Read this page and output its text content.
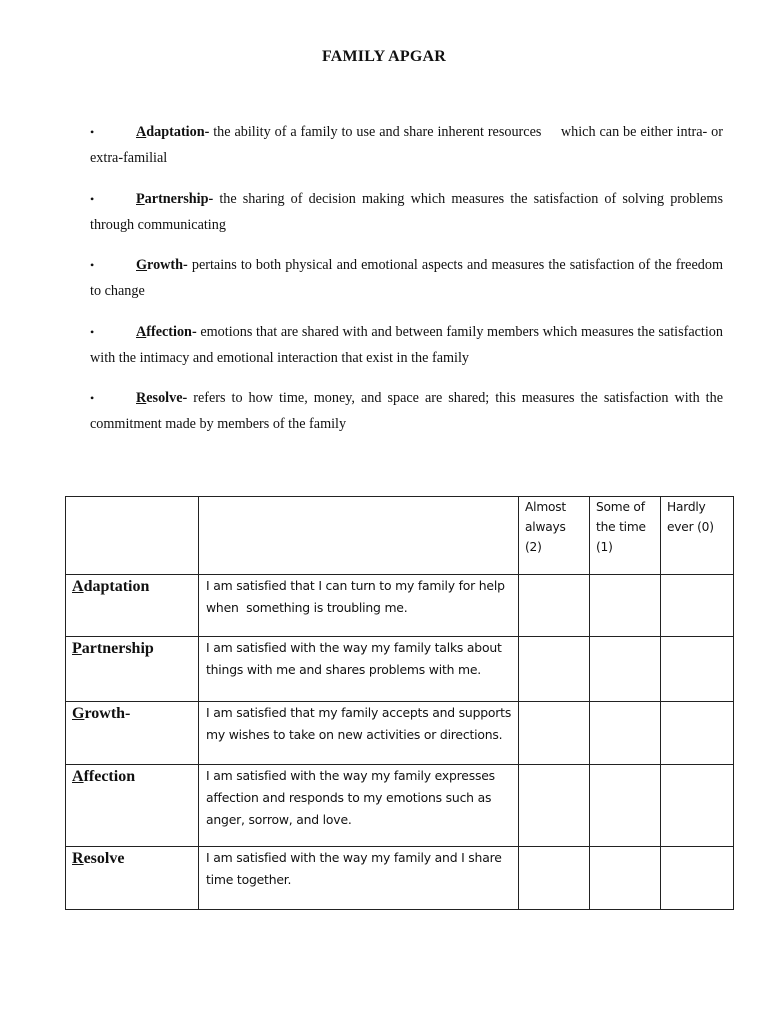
FAMILY APGAR
•	Adaptation- the ability of a family to use and share inherent resources     which can be either intra- or extra-familial
•	Partnership- the sharing of decision making which measures the satisfaction of solving problems through communicating
•	Growth- pertains to both physical and emotional aspects and measures the satisfaction of the freedom to change
•	Affection- emotions that are shared with and between family members which measures the satisfaction with the intimacy and emotional interaction that exist in the family
•	Resolve- refers to how time, money, and space are shared; this measures the satisfaction with the commitment made by members of the family

		Almost always (2)	Some of the time (1)	Hardly ever (0)

Adaptation	I am satisfied that I can turn to my family for help when  something is troubling me.			

Partnership	I am satisfied with the way my family talks about things with me and shares problems with me.			

Growth-	I am satisfied that my family accepts and supports my wishes to take on new activities or directions.			

Affection	I am satisfied with the way my family expresses affection and responds to my emotions such as anger, sorrow, and love.			

Resolve	I am satisfied with the way my family and I share time together.			
